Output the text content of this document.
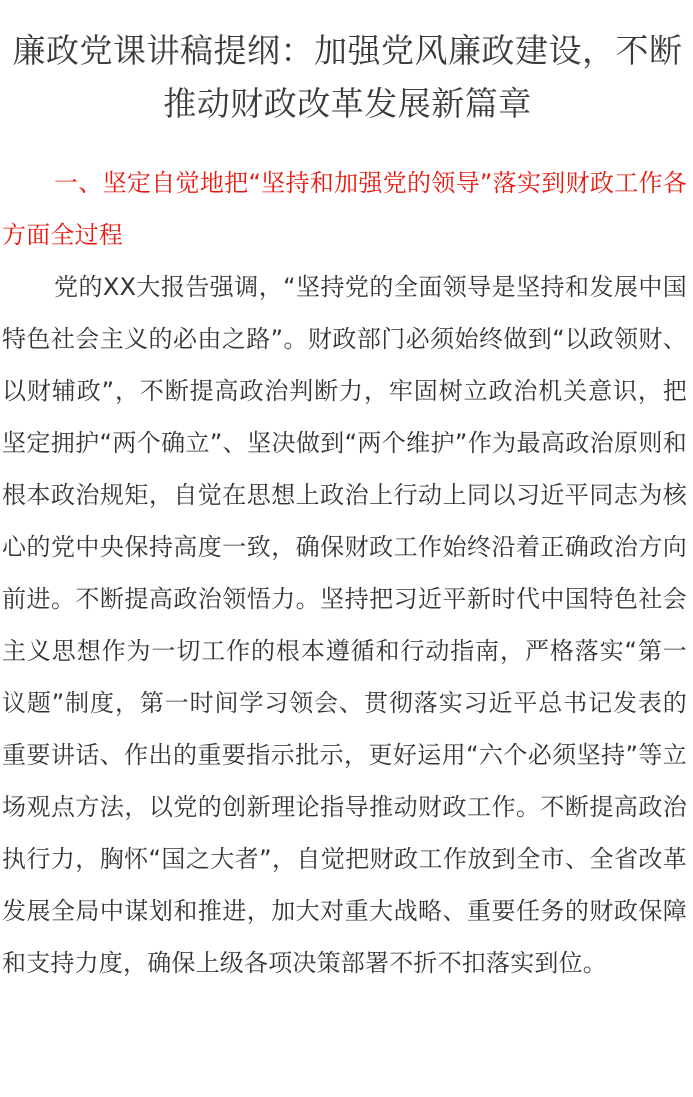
廉政党课讲稿提纲：加强党风廉政建设，不断推动财政改革发展新篇章

一、坚定自觉地把“坚持和加强党的领导”落实到财政工作各方面全过程

党的XX大报告强调，“坚持党的全面领导是坚持和发展中国特色社会主义的必由之路”。财政部门必须始终做到“以政领财、以财辅政”，不断提高政治判断力，牢固树立政治机关意识，把坚定拥护“两个确立”、坚决做到“两个维护”作为最高政治原则和根本政治规矩，自觉在思想上政治上行动上同以习近平同志为核心的党中央保持高度一致，确保财政工作始终沿着正确政治方向前进。不断提高政治领悟力。坚持把习近平新时代中国特色社会主义思想作为一切工作的根本遵循和行动指南，严格落实“第一议题”制度，第一时间学习领会、贯彻落实习近平总书记发表的重要讲话、作出的重要指示批示，更好运用“六个必须坚持”等立场观点方法，以党的创新理论指导推动财政工作。不断提高政治执行力，胸怀“国之大者”，自觉把财政工作放到全市、全省改革发展全局中谋划和推进，加大对重大战略、重要任务的财政保障和支持力度，确保上级各项决策部署不折不扣落实到位。
